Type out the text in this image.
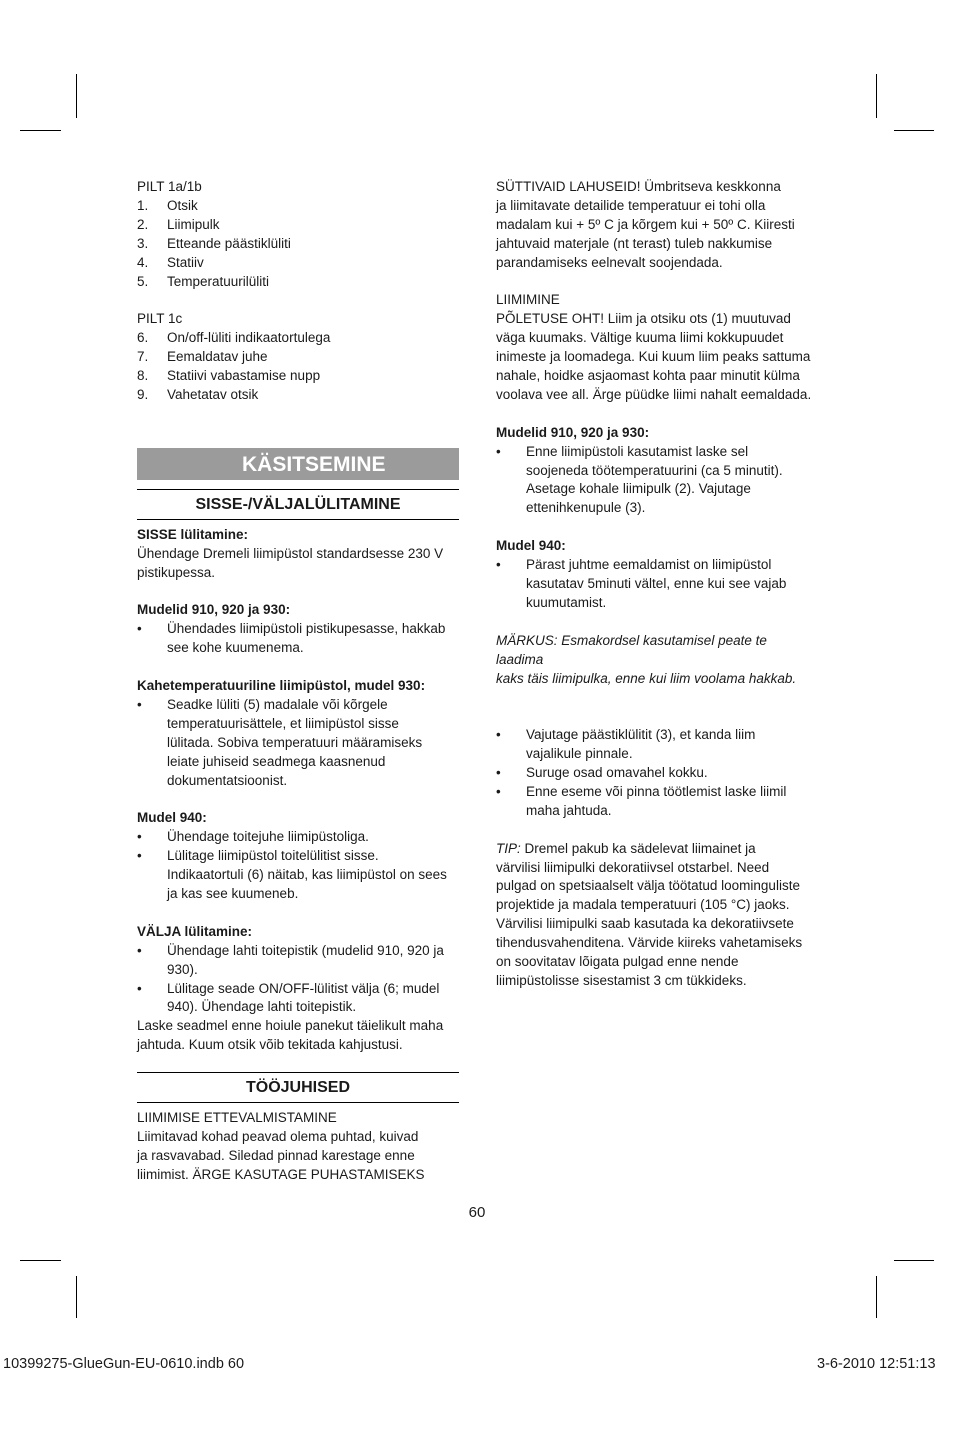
PILT 1a/1b

1.	Otsik
2.	Liimipulk
3.	Etteande päästiklüliti
4.	Statiiv
5.	Temperatuurilüliti

PILT 1c

6.	On/off-lüliti indikaatortulega
7.	Eemaldatav juhe
8.	Statiivi vabastamise nupp
9.	Vahetatav otsik

KÄSITSEMINE

SISSE-/VÄLJALÜLITAMINE

SISSE lülitamine:

Ühendage Dremeli liimipüstol standardsesse 230 V
pistikupessa.

Mudelid 910, 920 ja 930:

•	Ühendades liimipüstoli pistikupesasse, hakkab
see kohe kuumenema.

Kahetemperatuuriline liimipüstol, mudel 930:

•	Seadke lüliti (5) madalale või kõrgele
temperatuurisättele, et liimipüstol sisse
lülitada. Sobiva temperatuuri määramiseks
leiate juhiseid seadmega kaasnenud
dokumentatsioonist.

Mudel 940:

•	Ühendage toitejuhe liimipüstoliga.
•	Lülitage liimipüstol toitelülitist sisse.
Indikaatortuli (6) näitab, kas liimipüstol on sees
ja kas see kuumeneb.

VÄLJA lülitamine:

•	Ühendage lahti toitepistik (mudelid 910, 920 ja
930).
•	Lülitage seade ON/OFF-lülitist välja (6; mudel
940). Ühendage lahti toitepistik.
Laske seadmel enne hoiule panekut täielikult maha
jahtuda. Kuum otsik võib tekitada kahjustusi.

TÖÖJUHISED

LIIMIMISE ETTEVALMISTAMINE

Liimitavad kohad peavad olema puhtad, kuivad
ja rasvavabad. Siledad pinnad karestage enne
liimimist. ÄRGE KASUTAGE PUHASTAMISEKS
SÜTTIVAID LAHUSEID! Ümbritseva keskkonna
ja liimitavate detailide temperatuur ei tohi olla
madalam kui + 5º C ja kõrgem kui + 50º C. Kiiresti
jahtuvaid materjale (nt terast) tuleb nakkumise
parandamiseks eelnevalt soojendada.

LIIMIMINE

PÕLETUSE OHT! Liim ja otsiku ots (1) muutuvad
väga kuumaks. Vältige kuuma liimi kokkupuudet
inimeste ja loomadega. Kui kuum liim peaks sattuma
nahale, hoidke asjaomast kohta paar minutit külma
voolava vee all. Ärge püüdke liimi nahalt eemaldada.

Mudelid 910, 920 ja 930:

•	Enne liimipüstoli kasutamist laske sel
soojeneda töötemperatuurini (ca 5 minutit).
Asetage kohale liimipulk (2). Vajutage
ettenihkenupule (3).

Mudel 940:

•	Pärast juhtme eemaldamist on liimipüstol
kasutatav 5minuti vältel, enne kui see vajab
kuumutamist.
MÄRKUS: Esmakordsel kasutamisel peate te laadima
kaks täis liimipulka, enne kui liim voolama hakkab.
•	Vajutage päästiklülitit (3), et kanda liim
vajalikule pinnale.
•	Suruge osad omavahel kokku.
•	Enne eseme või pinna töötlemist laske liimil
maha jahtuda.

TIP: Dremel pakub ka sädelevat liimainet ja

värvilisi liimipulki dekoratiivsel otstarbel. Need
pulgad on spetsiaalselt välja töötatud loominguliste
projektide ja madala temperatuuri (105 °C) jaoks.
Värvilisi liimipulki saab kasutada ka dekoratiivsete
tihendusvahenditena. Värvide kiireks vahetamiseks
on soovitatav lõigata pulgad enne nende
liimipüstolisse sisestamist 3 cm tükkideks.
60
10399275-GlueGun-EU-0610.indb 60	3-6-2010 12:51:13
